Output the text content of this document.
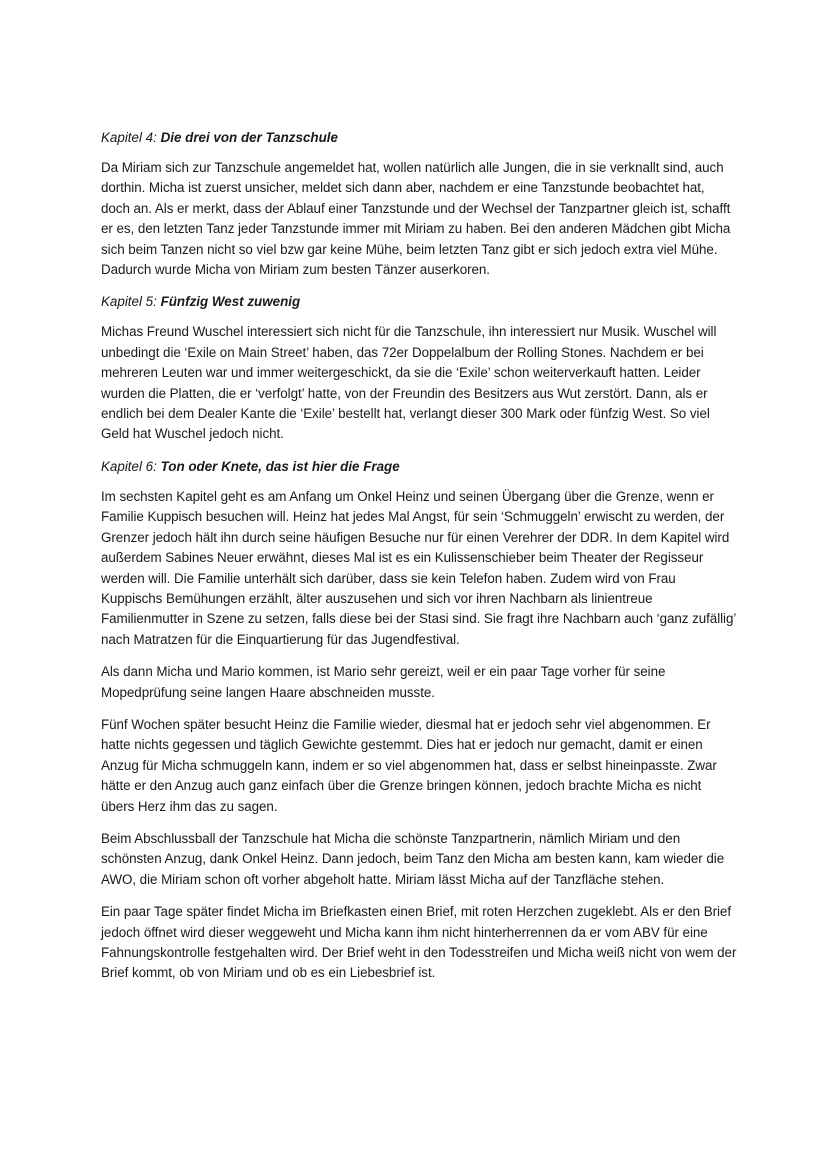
Kapitel 4: Die drei von der Tanzschule

Da Miriam sich zur Tanzschule angemeldet hat, wollen natürlich alle Jungen, die in sie verknallt sind, auch dorthin. Micha ist zuerst unsicher, meldet sich dann aber, nachdem er eine Tanzstunde beobachtet hat, doch an. Als er merkt, dass der Ablauf einer Tanzstunde und der Wechsel der Tanzpartner gleich ist, schafft er es, den letzten Tanz jeder Tanzstunde immer mit Miriam zu haben. Bei den anderen Mädchen gibt Micha sich beim Tanzen nicht so viel bzw gar keine Mühe, beim letzten Tanz gibt er sich jedoch extra viel Mühe. Dadurch wurde Micha von Miriam zum besten Tänzer auserkoren.

Kapitel 5: Fünfzig West zuwenig

Michas Freund Wuschel interessiert sich nicht für die Tanzschule, ihn interessiert nur Musik. Wuschel will unbedingt die ‘Exile on Main Street’ haben, das 72er Doppelalbum der Rolling Stones. Nachdem er bei mehreren Leuten war und immer weitergeschickt, da sie die ‘Exile’ schon weiterverkauft hatten. Leider wurden die Platten, die er ‘verfolgt’ hatte, von der Freundin des Besitzers aus Wut zerstört. Dann, als er endlich bei dem Dealer Kante die ‘Exile’ bestellt hat, verlangt dieser 300 Mark oder fünfzig West. So viel Geld hat Wuschel jedoch nicht.

Kapitel 6: Ton oder Knete, das ist hier die Frage

Im sechsten Kapitel geht es am Anfang um Onkel Heinz und seinen Übergang über die Grenze, wenn er Familie Kuppisch besuchen will. Heinz hat jedes Mal Angst, für sein ‘Schmuggeln’ erwischt zu werden, der Grenzer jedoch hält ihn durch seine häufigen Besuche nur für einen Verehrer der DDR. In dem Kapitel wird außerdem Sabines Neuer erwähnt, dieses Mal ist es ein Kulissenschieber beim Theater der Regisseur werden will. Die Familie unterhält sich darüber, dass sie kein Telefon haben. Zudem wird von Frau Kuppischs Bemühungen erzählt, älter auszusehen und sich vor ihren Nachbarn als linientreue Familienmutter in Szene zu setzen, falls diese bei der Stasi sind. Sie fragt ihre Nachbarn auch ‘ganz zufällig’ nach Matratzen für die Einquartierung für das Jugendfestival.

Als dann Micha und Mario kommen, ist Mario sehr gereizt, weil er ein paar Tage vorher für seine Mopedprüfung seine langen Haare abschneiden musste.

Fünf Wochen später besucht Heinz die Familie wieder, diesmal hat er jedoch sehr viel abgenommen. Er hatte nichts gegessen und täglich Gewichte gestemmt. Dies hat er jedoch nur gemacht, damit er einen Anzug für Micha schmuggeln kann, indem er so viel abgenommen hat, dass er selbst hineinpasste. Zwar hätte er den Anzug auch ganz einfach über die Grenze bringen können, jedoch brachte Micha es nicht übers Herz ihm das zu sagen.

Beim Abschlussball der Tanzschule hat Micha die schönste Tanzpartnerin, nämlich Miriam und den schönsten Anzug, dank Onkel Heinz. Dann jedoch, beim Tanz den Micha am besten kann, kam wieder die AWO, die Miriam schon oft vorher abgeholt hatte. Miriam lässt Micha auf der Tanzfläche stehen.

Ein paar Tage später findet Micha im Briefkasten einen Brief, mit roten Herzchen zugeklebt. Als er den Brief jedoch öffnet wird dieser weggeweht und Micha kann ihm nicht hinterherrennen da er vom ABV für eine Fahnungskontrolle festgehalten wird. Der Brief weht in den Todesstreifen und Micha weiß nicht von wem der Brief kommt, ob von Miriam und ob es ein Liebesbrief ist.
